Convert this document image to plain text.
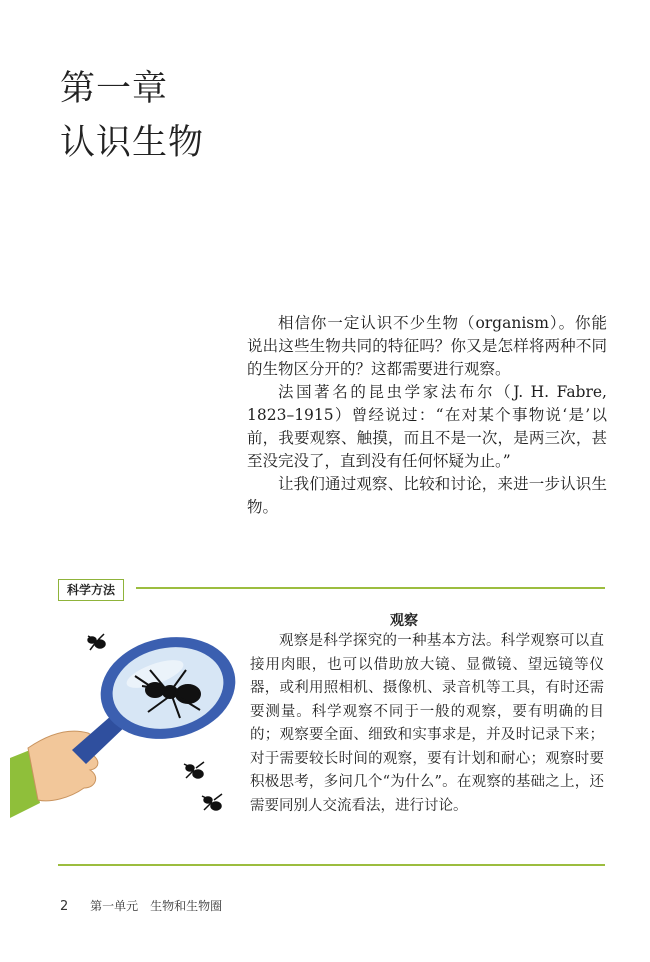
第一章
认识生物

相信你一定认识不少生物（organism）。你能说出这些生物共同的特征吗？你又是怎样将两种不同的生物区分开的？这都需要进行观察。

法国著名的昆虫学家法布尔（J. H. Fabre, 1823–1915）曾经说过：“在对某个事物说‘是’以前，我要观察、触摸，而且不是一次，是两三次，甚至没完没了，直到没有任何怀疑为止。”

让我们通过观察、比较和讨论，来进一步认识生物。

科学方法
观察

观察是科学探究的一种基本方法。科学观察可以直接用肉眼，也可以借助放大镜、显微镜、望远镜等仪器，或利用照相机、摄像机、录音机等工具，有时还需要测量。科学观察不同于一般的观察，要有明确的目的；观察要全面、细致和实事求是，并及时记录下来；对于需要较长时间的观察，要有计划和耐心；观察时要积极思考，多问几个“为什么”。在观察的基础之上，还需要同别人交流看法，进行讨论。

2 第一单元　生物和生物圈
